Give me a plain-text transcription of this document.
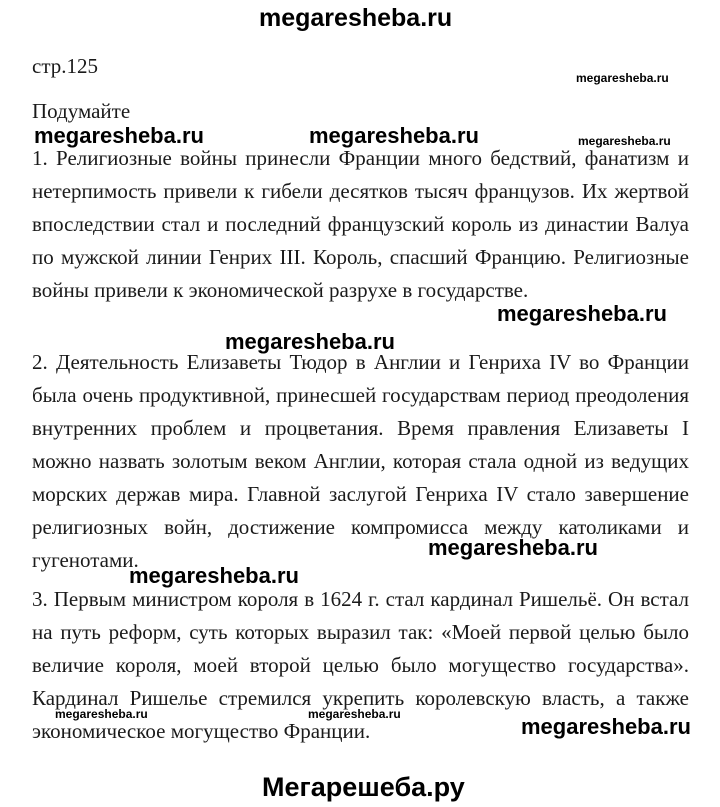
megaresheba.ru
стр.125	megaresheba.ru
Подумайте
megaresheba.ru	megaresheba.ru	megaresheba.ru

1. Религиозные войны принесли Франции много бедствий, фанатизм и нетерпимость привели к гибели десятков тысяч французов. Их жертвой впоследствии стал и последний французский король из династии Валуа по мужской линии Генрих III. Король, спасший Францию. Религиозные войны привели к экономической разрухе в государстве.

megaresheba.ru
megaresheba.ru

2. Деятельность Елизаветы Тюдор в Англии и Генриха IV во Франции была очень продуктивной, принесшей государствам период преодоления внутренних проблем и процветания. Время правления Елизаветы I можно назвать золотым веком Англии, которая стала одной из ведущих морских держав мира. Главной заслугой Генриха IV стало завершение религиозных войн, достижение компромисса между католиками и гугенотами.	megaresheba.ru
megaresheba.ru

3. Первым министром короля в 1624 г. стал кардинал Ришельё. Он встал на путь реформ, суть которых выразил так: «Моей первой целью было величие короля, моей второй целью было могущество государства». Кардинал Ришелье стремился укрепить королевскую власть, а также экономическое могущество Франции.

megaresheba.ru	megaresheba.ru	megaresheba.ru
Мегарешеба.ру
